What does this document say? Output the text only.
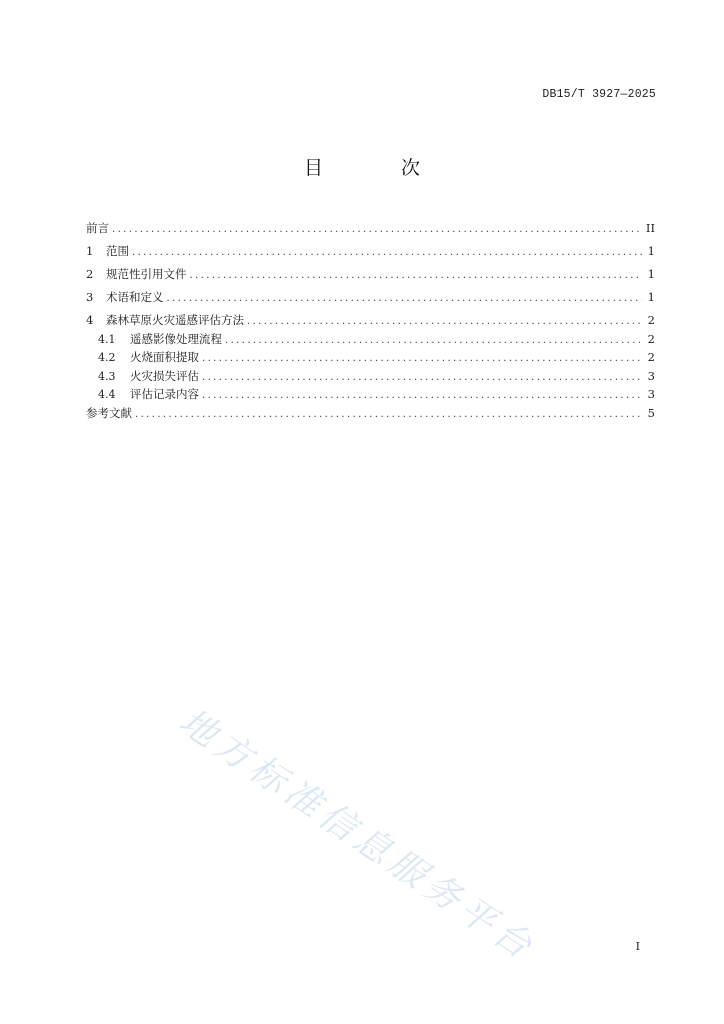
DB15/T 3927—2025
目 次
前言 .....	II
1	范围 .....	1
2	规范性引用文件 .....	1
3	术语和定义 .....	1
4	森林草原火灾遥感评估方法 .....	2
4.1	遥感影像处理流程 .....	2
4.2	火烧面积提取 .....	2
4.3	火灾损失评估 .....	3
4.4	评估记录内容 .....	3
参考文献 .....	5
地方标准信息服务平台	I
